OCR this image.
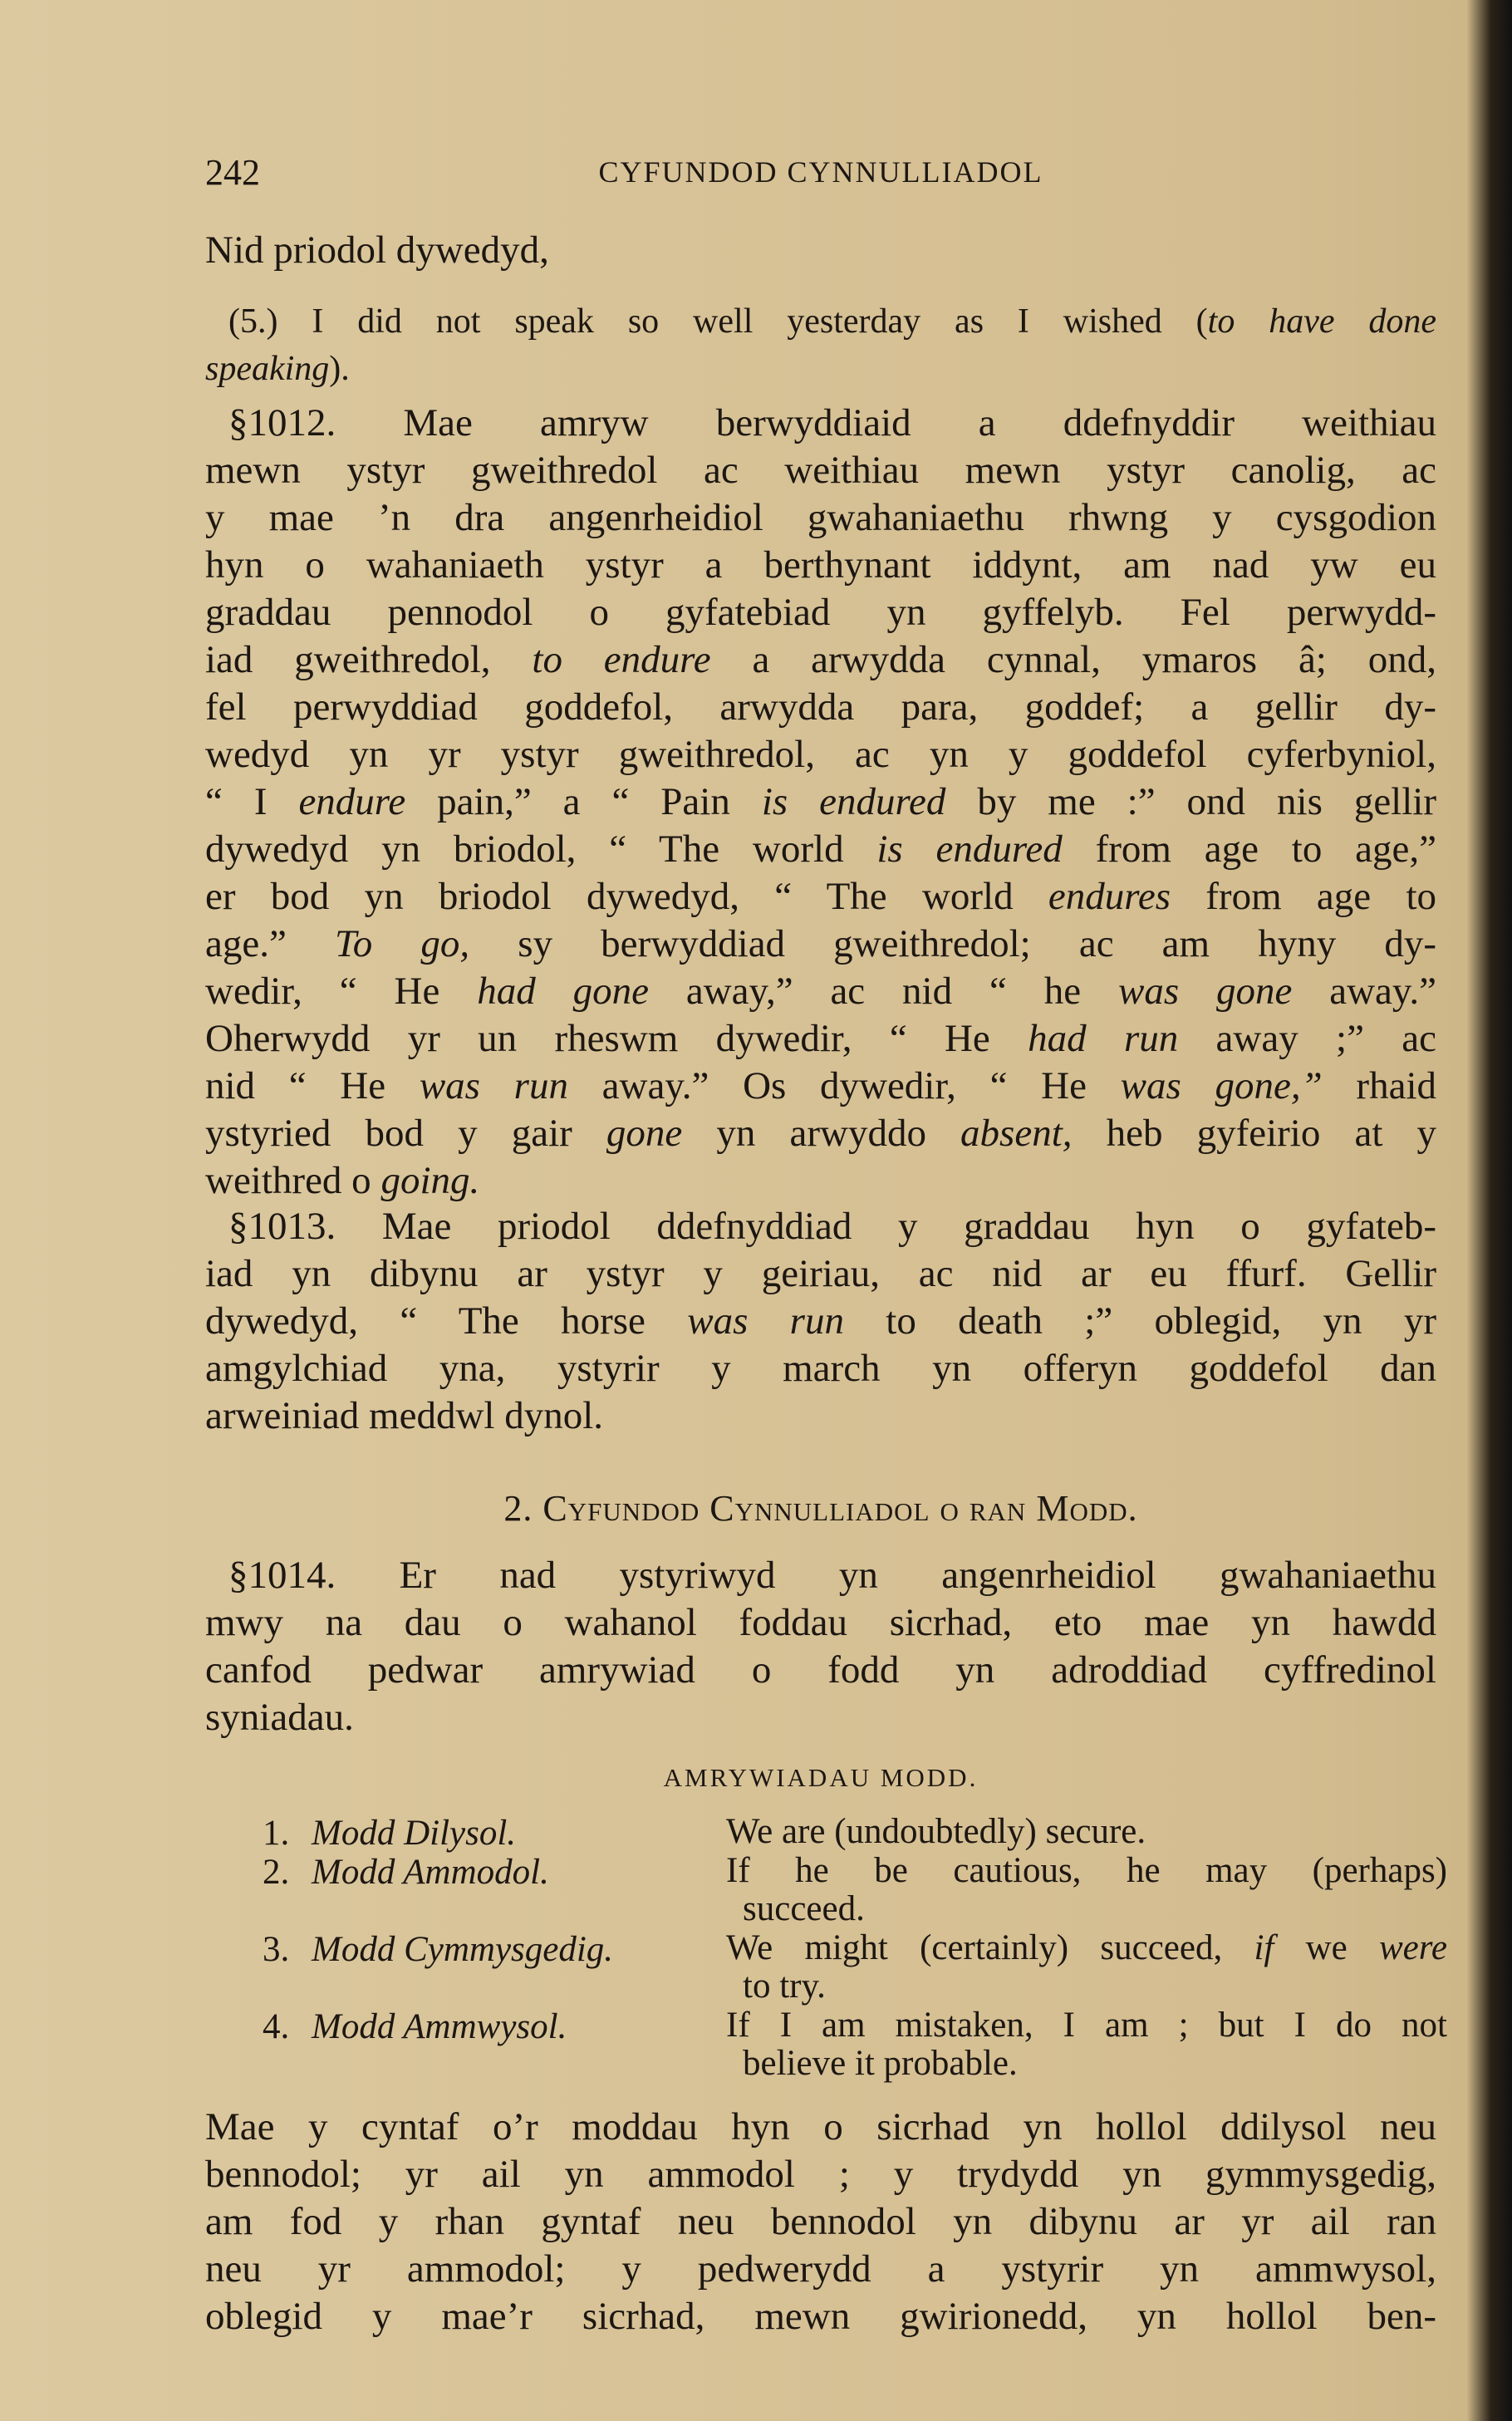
242	CYFUNDOD CYNNULLIADOL
Nid priodol dywedyd,
(5.) I did not speak so well yesterday as I wished (to have done
speaking).
§1012. Mae amryw berwyddiaid a ddefnyddir weithiau
mewn ystyr gweithredol ac weithiau mewn ystyr canolig, ac
y mae ’n dra angenrheidiol gwahaniaethu rhwng y cysgodion
hyn o wahaniaeth ystyr a berthynant iddynt, am nad yw eu
graddau pennodol o gyfatebiad yn gyffelyb. Fel perwydd-
iad gweithredol, to endure a arwydda cynnal, ymaros â; ond,
fel perwyddiad goddefol, arwydda para, goddef; a gellir dy-
wedyd yn yr ystyr gweithredol, ac yn y goddefol cyferbyniol,
“ I endure pain,” a “ Pain is endured by me :” ond nis gellir
dywedyd yn briodol, “ The world is endured from age to age,”
er bod yn briodol dywedyd, “ The world endures from age to
age.” To go, sy berwyddiad gweithredol; ac am hyny dy-
wedir, “ He had gone away,” ac nid “ he was gone away.”
Oherwydd yr un rheswm dywedir, “ He had run away ;” ac
nid “ He was run away.” Os dywedir, “ He was gone,” rhaid
ystyried bod y gair gone yn arwyddo absent, heb gyfeirio at y
weithred o going.
§1013. Mae priodol ddefnyddiad y graddau hyn o gyfateb-
iad yn dibynu ar ystyr y geiriau, ac nid ar eu ffurf. Gellir
dywedyd, “ The horse was run to death ;” oblegid, yn yr
amgylchiad yna, ystyrir y march yn offeryn goddefol dan
arweiniad meddwl dynol.
2. Cyfundod Cynnulliadol o ran Modd.
§1014. Er nad ystyriwyd yn angenrheidiol gwahaniaethu
mwy na dau o wahanol foddau sicrhad, eto mae yn hawdd
canfod pedwar amrywiad o fodd yn adroddiad cyffredinol
syniadau.
AMRYWIADAU MODD.
1. Modd Dilysol.	We are (undoubtedly) secure.
2. Modd Ammodol.	If he be cautious, he may (perhaps)
succeed.
3. Modd Cymmysgedig.	We might (certainly) succeed, if we were
to try.
4. Modd Ammwysol.	If I am mistaken, I am ; but I do not
believe it probable.
Mae y cyntaf o’r moddau hyn o sicrhad yn hollol ddilysol neu
bennodol; yr ail yn ammodol ; y trydydd yn gymmysgedig,
am fod y rhan gyntaf neu bennodol yn dibynu ar yr ail ran
neu yr ammodol; y pedwerydd a ystyrir yn ammwysol,
oblegid y mae’r sicrhad, mewn gwirionedd, yn hollol ben-
